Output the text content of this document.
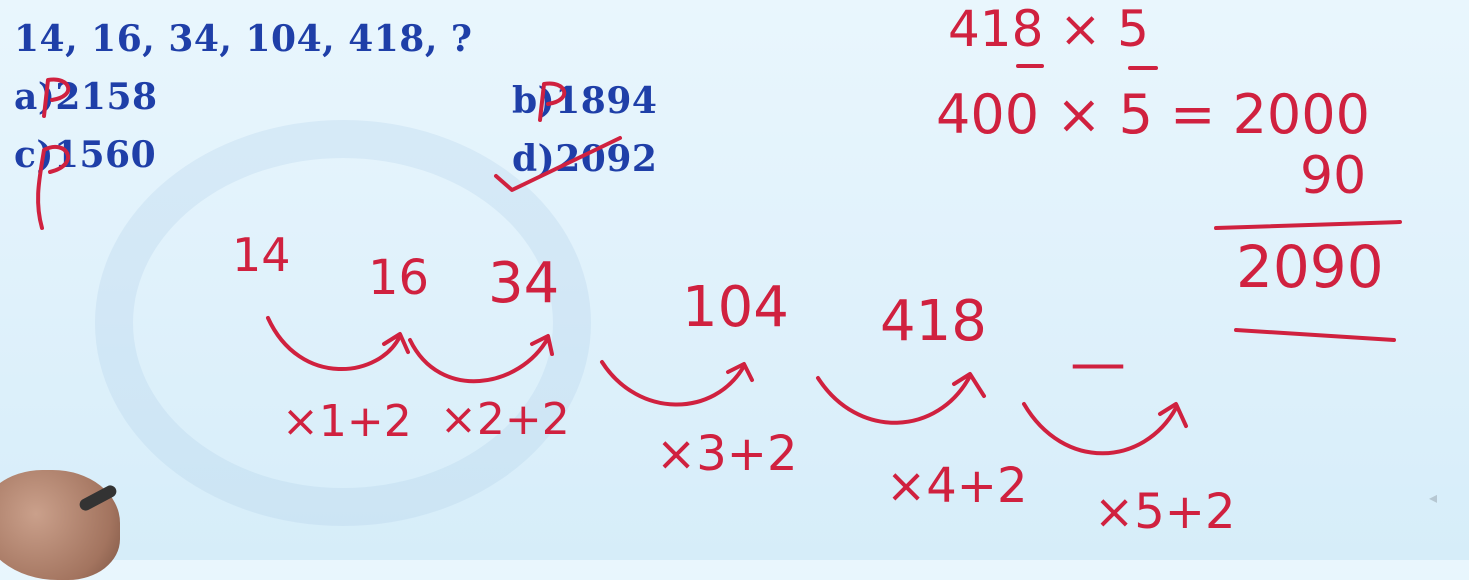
14, 16, 34, 104, 418, ?
a)2158	b)1894
c)1560	d)2092
14 16 34 104 418
—
×1+2 ×2+2
×3+2
×4+2 ×5+2
418 × 5
400 × 5 = 2000
90
2090
◂
